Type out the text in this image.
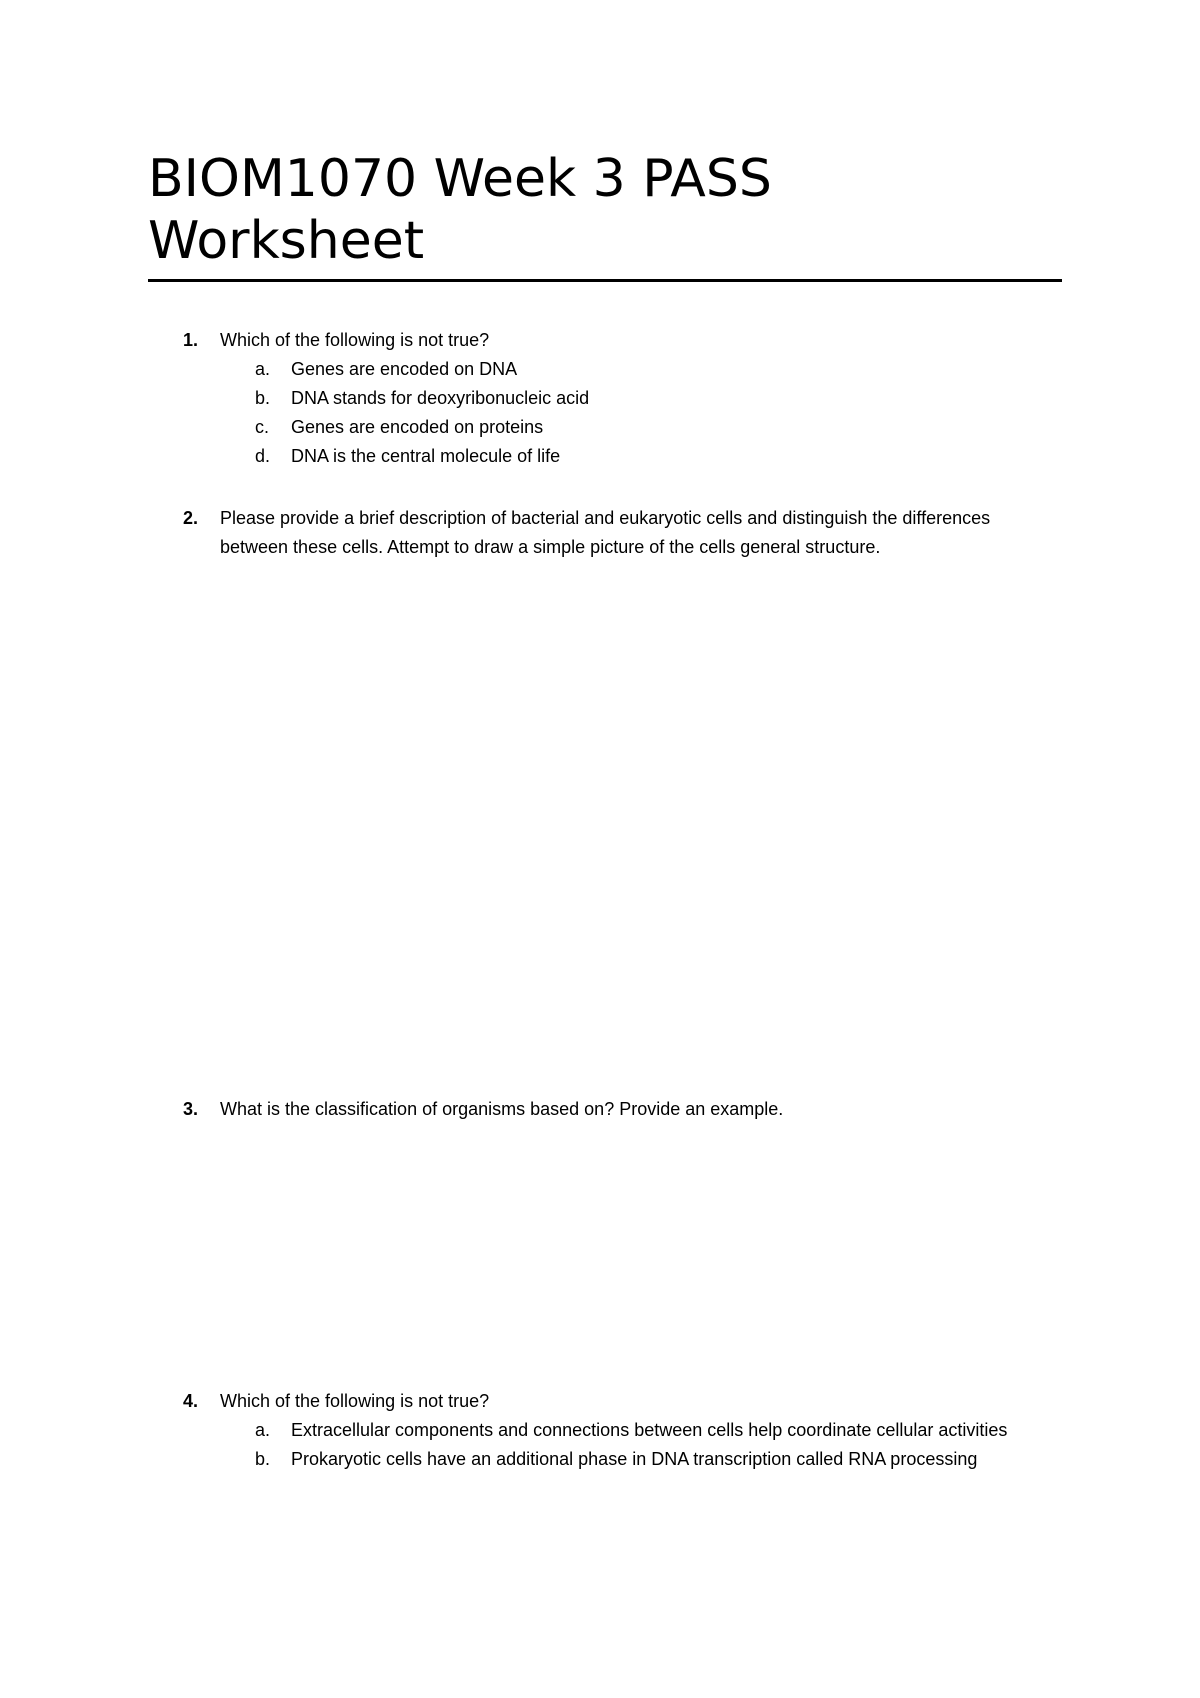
BIOM1070 Week 3 PASS
Worksheet
1.	Which of the following is not true?
a.	Genes are encoded on DNA
b.	DNA stands for deoxyribonucleic acid
c.	Genes are encoded on proteins
d.	DNA is the central molecule of life
2.	Please provide a brief description of bacterial and eukaryotic cells and distinguish the differences between these cells. Attempt to draw a simple picture of the cells general structure.
3.	What is the classification of organisms based on? Provide an example.
4.	Which of the following is not true?
a.	Extracellular components and connections between cells help coordinate cellular activities
b.	Prokaryotic cells have an additional phase in DNA transcription called RNA processing
